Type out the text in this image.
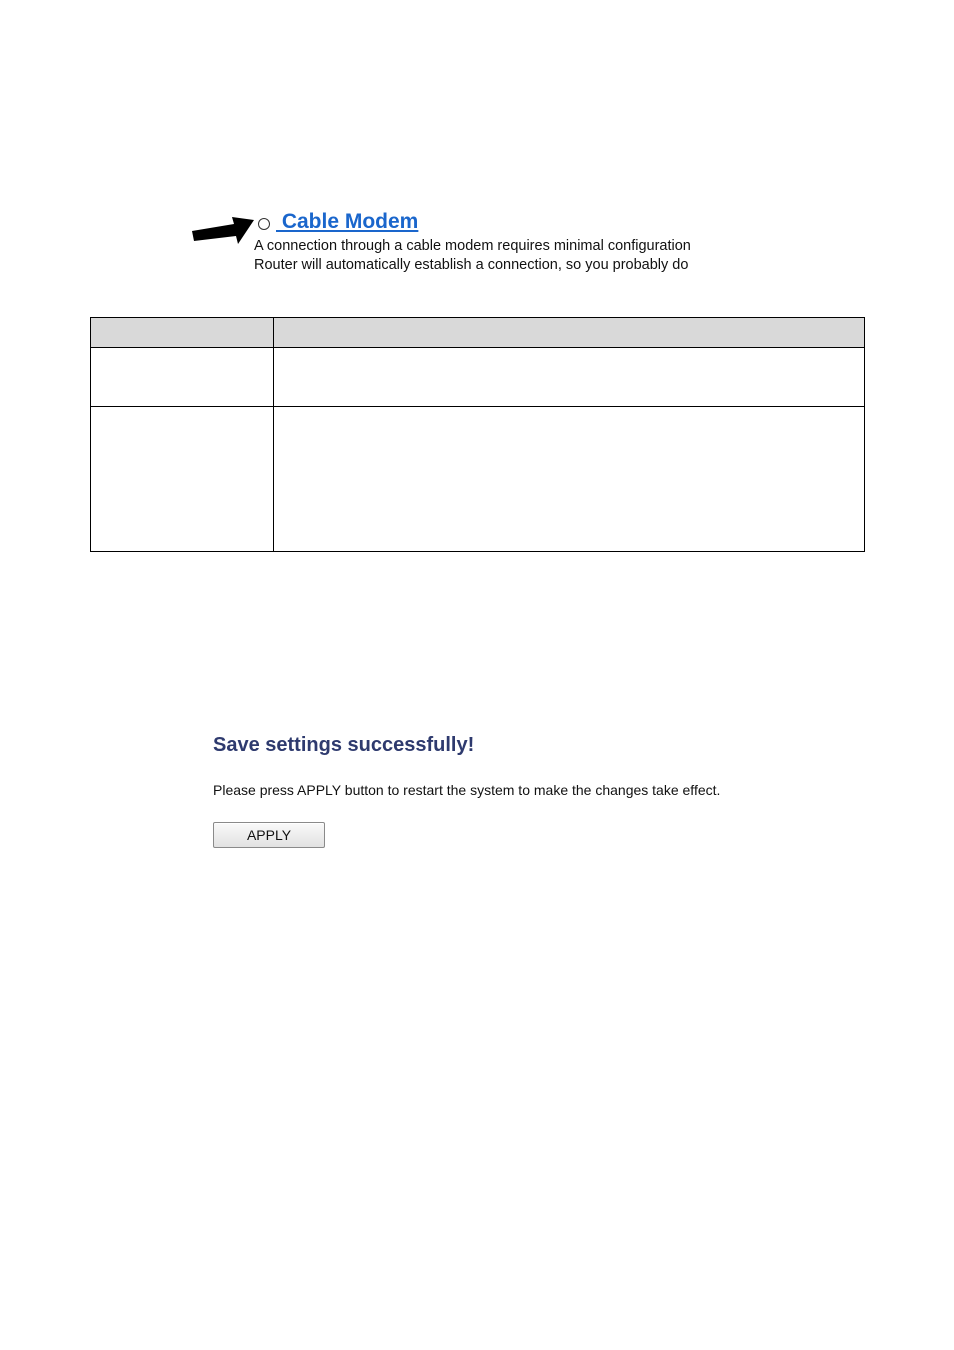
Cable Modem
A connection through a cable modem requires minimal configuration
Router will automatically establish a connection, so you probably do

Save settings successfully!
Please press APPLY button to restart the system to make the changes take effect.
APPLY
